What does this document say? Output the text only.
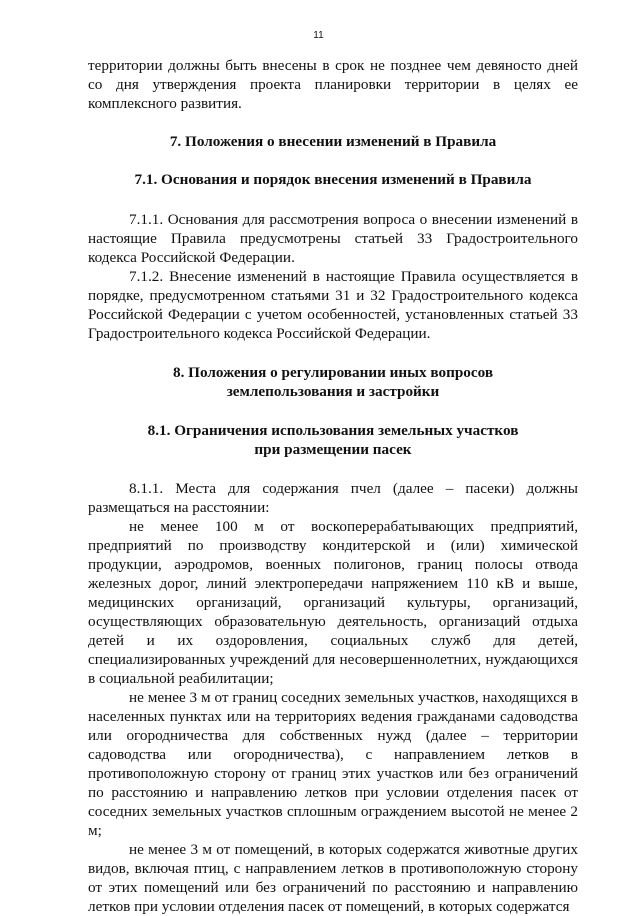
11

территории должны быть внесены в срок не позднее чем девяносто дней со дня утверждения проекта планировки территории в целях ее комплексного развития.

7. Положения о внесении изменений в Правила
7.1. Основания и порядок внесения изменений в Правила

7.1.1. Основания для рассмотрения вопроса о внесении изменений в настоящие Правила предусмотрены статьей 33 Градостроительного кодекса Российской Федерации.

7.1.2. Внесение изменений в настоящие Правила осуществляется в порядке, предусмотренном статьями 31 и 32 Градостроительного кодекса Российской Федерации с учетом особенностей, установленных статьей 33 Градостроительного кодекса Российской Федерации.

8. Положения о регулировании иных вопросов
землепользования и застройки
8.1. Ограничения использования земельных участков
при размещении пасек

8.1.1. Места для содержания пчел (далее – пасеки) должны размещаться на расстоянии:

не менее 100 м от воскоперерабатывающих предприятий, предприятий по производству кондитерской и (или) химической продукции, аэродромов, военных полигонов, границ полосы отвода железных дорог, линий электропередачи напряжением 110 кВ и выше, медицинских организаций, организаций культуры, организаций, осуществляющих образовательную деятельность, организаций отдыха детей и их оздоровления, социальных служб для детей, специализированных учреждений для несовершеннолетних, нуждающихся в социальной реабилитации;

не менее 3 м от границ соседних земельных участков, находящихся в населенных пунктах или на территориях ведения гражданами садоводства или огородничества для собственных нужд (далее – территории садоводства или огородничества), с направлением летков в противоположную сторону от границ этих участков или без ограничений по расстоянию и направлению летков при условии отделения пасек от соседних земельных участков сплошным ограждением высотой не менее 2 м;

не менее 3 м от помещений, в которых содержатся животные других видов, включая птиц, с направлением летков в противоположную сторону от этих помещений или без ограничений по расстоянию и направлению летков при условии отделения пасек от помещений, в которых содержатся
